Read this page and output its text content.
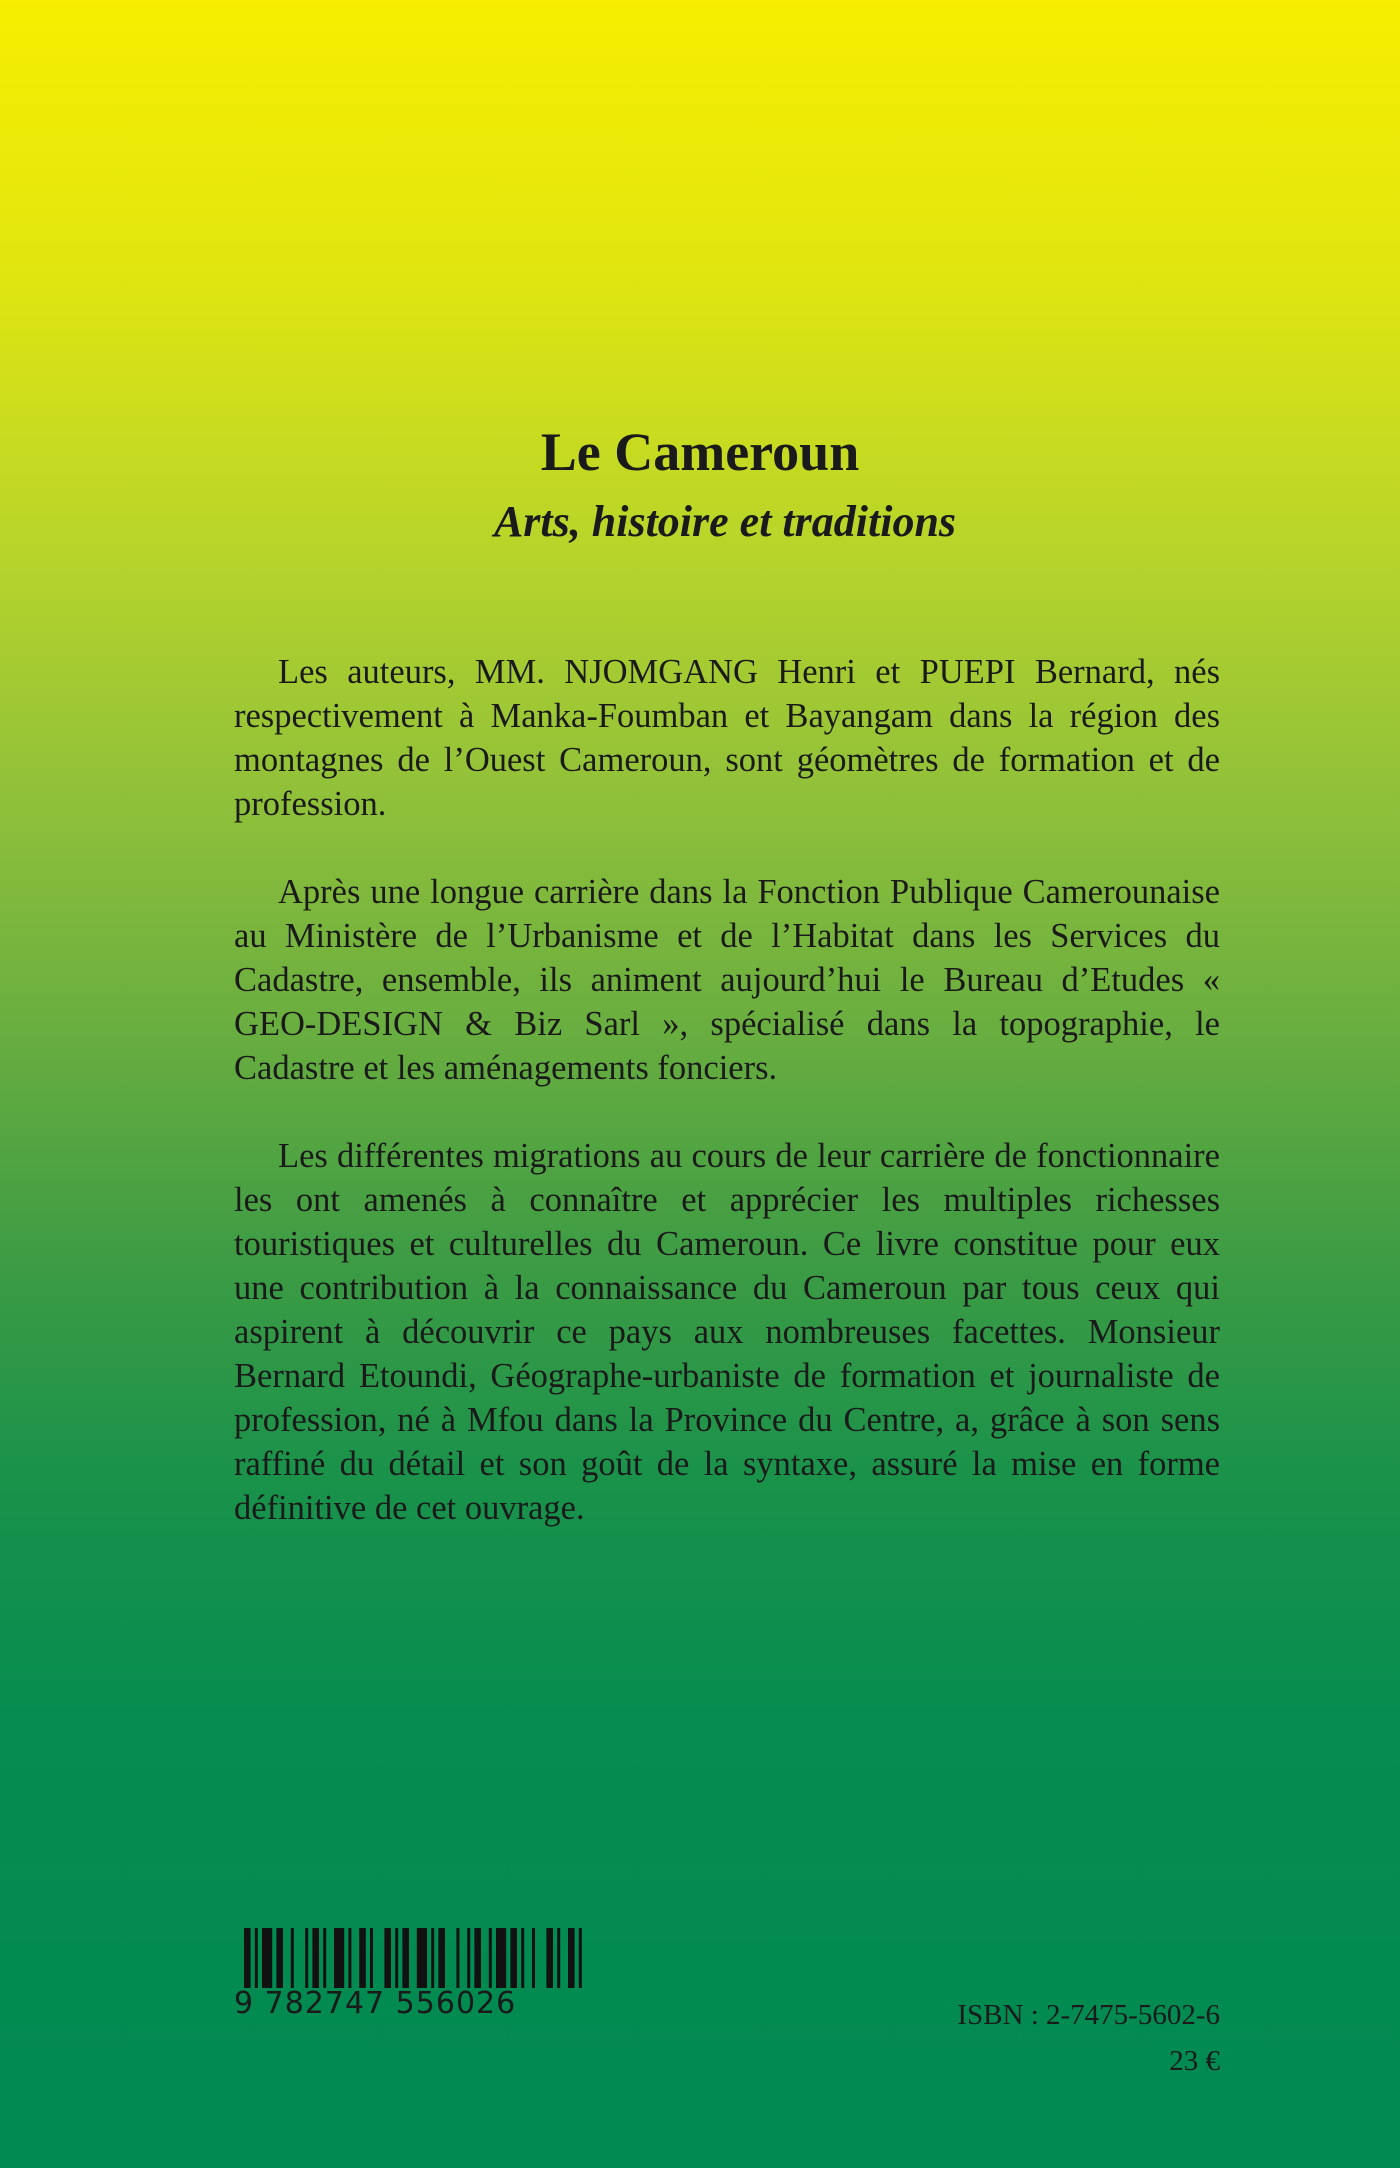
Le Cameroun
Arts, histoire et traditions

Les auteurs, MM. NJOMGANG Henri et PUEPI Bernard, nés respectivement à Manka-Foumban et Bayangam dans la région des montagnes de l’Ouest Cameroun, sont géomètres de formation et de profession.

Après une longue carrière dans la Fonction Publique Camerounaise au Ministère de l’Urbanisme et de l’Habitat dans les Services du Cadastre, ensemble, ils animent aujourd’hui le Bureau d’Etudes « GEO-DESIGN & Biz Sarl », spécialisé dans la topographie, le Cadastre et les aménagements fonciers.

Les différentes migrations au cours de leur carrière de fonctionnaire les ont amenés à connaître et apprécier les multiples richesses touristiques et culturelles du Cameroun. Ce livre constitue pour eux une contribution à la connaissance du Cameroun par tous ceux qui aspirent à découvrir ce pays aux nombreuses facettes. Monsieur Bernard Etoundi, Géographe-urbaniste de formation et journaliste de profession, né à Mfou dans la Province du Centre, a, grâce à son sens raffiné du détail et son goût de la syntaxe, assuré la mise en forme définitive de cet ouvrage.

9 782747 556026	ISBN : 2-7475-5602-6
23 €
